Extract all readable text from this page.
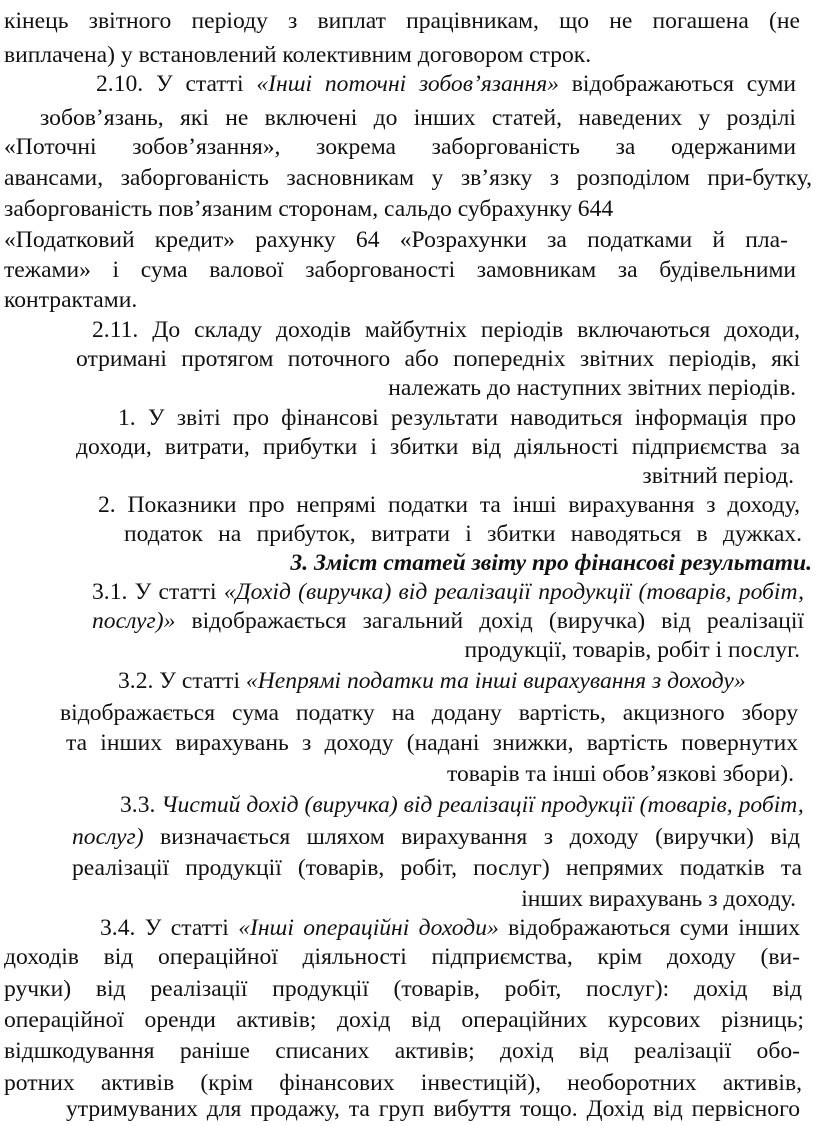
кінець звітного періоду з виплат працівникам, що не погашена (не
виплачена) у встановлений колективним договором строк.
2.10. У статті «Інші поточні зобов’язання» відображаються суми
зобов’язань, які не включені до інших статей, наведених у розділі
«Поточні зобов’язання», зокрема заборгованість за одержаними
авансами, заборгованість засновникам у зв’язку з розподілом при-бутку,
заборгованість пов’язаним сторонам, сальдо субрахунку 644
«Податковий кредит» рахунку 64 «Розрахунки за податками й пла-
тежами» і сума валової заборгованості замовникам за будівельними
контрактами.
2.11. До складу доходів майбутніх періодів включаються доходи,
отримані протягом поточного або попередніх звітних періодів, які
належать до наступних звітних періодів.
1. У звіті про фінансові результати наводиться інформація про
доходи, витрати, прибутки і збитки від діяльності підприємства за
звітний період.
2. Показники про непрямі податки та інші вирахування з доходу,
податок на прибуток, витрати і збитки наводяться в дужках.
3. Зміст статей звіту про фінансові результати.
3.1. У статті «Дохід (виручка) від реалізації продукції (товарів, робіт,
послуг)» відображається загальний дохід (виручка) від реалізації
продукції, товарів, робіт і послуг.
3.2. У статті «Непрямі податки та інші вирахування з доходу»
відображається сума податку на додану вартість, акцизного збору
та інших вирахувань з доходу (надані знижки, вартість повернутих
товарів та інші обов’язкові збори).
3.3. Чистий дохід (виручка) від реалізації продукції (товарів, робіт,
послуг) визначається шляхом вирахування з доходу (виручки) від
реалізації продукції (товарів, робіт, послуг) непрямих податків та
інших вирахувань з доходу.
3.4. У статті «Інші операційні доходи» відображаються суми інших
доходів від операційної діяльності підприємства, крім доходу (ви-
ручки) від реалізації продукції (товарів, робіт, послуг): дохід від
операційної оренди активів; дохід від операційних курсових різниць;
відшкодування раніше списаних активів; дохід від реалізації обо-
ротних активів (крім фінансових інвестицій), необоротних активів,
утримуваних для продажу, та груп вибуття тощо. Дохід від первісного
